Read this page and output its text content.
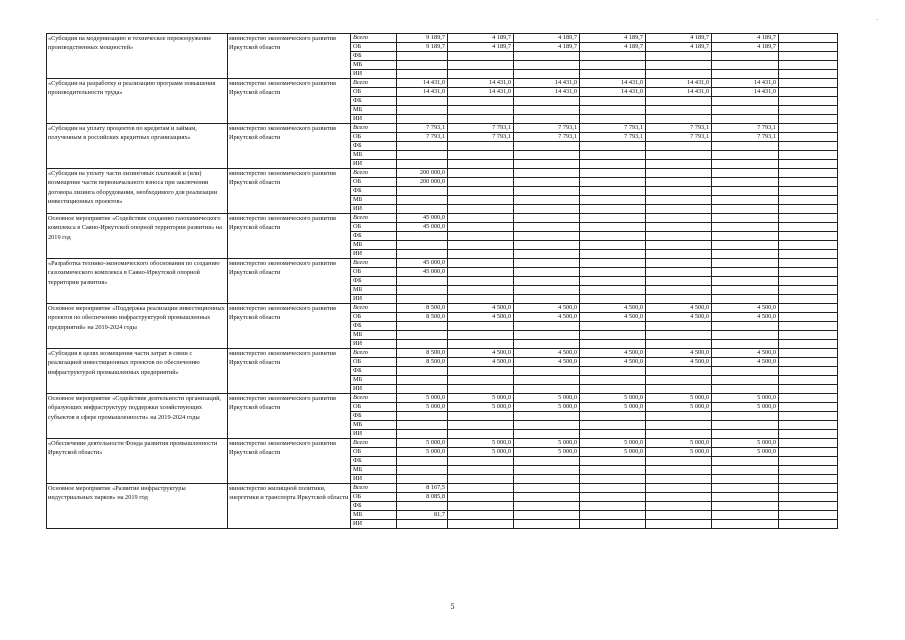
«Субсидия на модернизацию и техническое перевооружение производственных мощностей»	министерство экономического развития Иркутской области	Всего	9 189,7	4 189,7	4 189,7	4 189,7	4 189,7	4 189,7	
		ОБ	9 189,7	4 189,7	4 189,7	4 189,7	4 189,7	4 189,7	
		ФБ							
		МБ							
		ИИ							
«Субсидии на разработку и реализацию программ повышения производительности труда»	министерство экономического развития Иркутской области	Всего	14 431,0	14 431,0	14 431,0	14 431,0	14 431,0	14 431,0	
		ОБ	14 431,0	14 431,0	14 431,0	14 431,0	14 431,0	14 431,0	
		ФБ							
		МБ							
		ИИ							
«Субсидии на уплату процентов по кредитам и займам, полученным в российских кредитных организациях»	министерство экономического развития Иркутской области	Всего	7 793,1	7 793,1	7 793,1	7 793,1	7 793,1	7 793,1	
		ОБ	7 793,1	7 793,1	7 793,1	7 793,1	7 793,1	7 793,1	
		ФБ							
		МБ							
		ИИ							
«Субсидия на уплату части лизинговых платежей и (или) возмещение части первоначального взноса при заключении договора лизинга оборудования, необходимого для реализации инвестиционных проектов»	министерство экономического развития Иркутской области	Всего	200 000,0						
		ОБ	200 000,0						
		ФБ							
		МБ							
		ИИ							
Основное мероприятие «Содействие созданию газохимического комплекса в Саяно-Иркутской опорной территории развития» на 2019 год	министерство экономического развития Иркутской области	Всего	45 000,0						
		ОБ	45 000,0						
		ФБ							
		МБ							
		ИИ							
«Разработка технико-экономического обоснования по созданию газохимического комплекса в Саяно-Иркутской опорной территории развития»	министерство экономического развития Иркутской области	Всего	45 000,0						
		ОБ	45 000,0						
		ФБ							
		МБ							
		ИИ							
Основное мероприятие «Поддержка реализации инвестиционных проектов по обеспечению инфраструктурой промышленных предприятий» на 2019-2024 годы	министерство экономического развития Иркутской области	Всего	8 500,0	4 500,0	4 500,0	4 500,0	4 500,0	4 500,0	
		ОБ	8 500,0	4 500,0	4 500,0	4 500,0	4 500,0	4 500,0	
		ФБ							
		МБ							
		ИИ							
«Субсидия в целях возмещения части затрат в связи с реализацией инвестиционных проектов по обеспечению инфраструктурой промышленных предприятий»	министерство экономического развития Иркутской области	Всего	8 500,0	4 500,0	4 500,0	4 500,0	4 500,0	4 500,0	
		ОБ	8 500,0	4 500,0	4 500,0	4 500,0	4 500,0	4 500,0	
		ФБ							
		МБ							
		ИИ							
Основное мероприятие «Содействие деятельности организаций, образующих инфраструктуру поддержки хозяйствующих субъектов в сфере промышленности» на 2019-2024 годы	министерство экономического развития Иркутской области	Всего	5 000,0	5 000,0	5 000,0	5 000,0	5 000,0	5 000,0	
		ОБ	5 000,0	5 000,0	5 000,0	5 000,0	5 000,0	5 000,0	
		ФБ							
		МБ							
		ИИ							
«Обеспечение деятельности Фонда развития промышленности Иркутской области»	министерство экономического развития Иркутской области	Всего	5 000,0	5 000,0	5 000,0	5 000,0	5 000,0	5 000,0	
		ОБ	5 000,0	5 000,0	5 000,0	5 000,0	5 000,0	5 000,0	
		ФБ							
		МБ							
		ИИ							
Основное мероприятие «Развитие инфраструктуры индустриальных парков» на 2019 год	министерство жилищной политики, энергетики и транспорта Иркутской области	Всего	8 167,5						
		ОБ	8 085,8						
		ФБ							
		МБ	81,7						
		ИИ							
5
·
